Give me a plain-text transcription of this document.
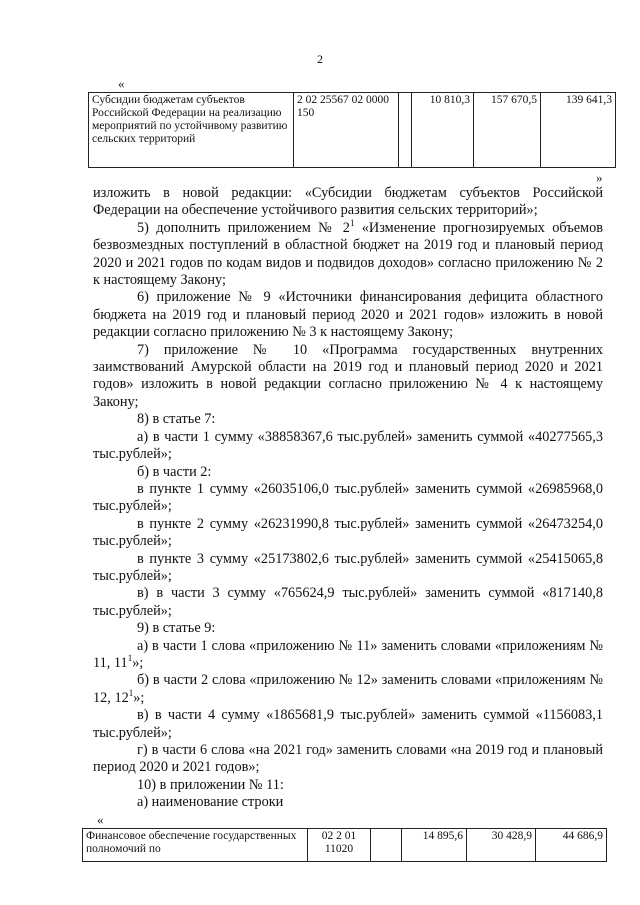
2
«
Субсидии бюджетам субъектов Российской Федерации на реализацию мероприятий по устойчивому развитию сельских территорий	2 02 25567 02 0000 150		10 810,3	157 670,5	139 641,3
»

изложить в новой редакции: «Субсидии бюджетам субъектов Российской Федерации на обеспечение устойчивого развития сельских территорий»;

5) дополнить приложением № $2^1$ «Изменение прогнозируемых объемов безвозмездных поступлений в областной бюджет на 2019 год и плановый период 2020 и 2021 годов по кодам видов и подвидов доходов» согласно приложению № 2 к настоящему Закону;

6) приложение № 9 «Источники финансирования дефицита областного бюджета на 2019 год и плановый период 2020 и 2021 годов» изложить в новой редакции согласно приложению № 3 к настоящему Закону;

7) приложение № 10 «Программа государственных внутренних заимствований Амурской области на 2019 год и плановый период 2020 и 2021 годов» изложить в новой редакции согласно приложению № 4 к настоящему Закону;

8) в статье 7:

а) в части 1 сумму «38858367,6 тыс.рублей» заменить суммой «40277565,3 тыс.рублей»;

б) в части 2:

в пункте 1 сумму «26035106,0 тыс.рублей» заменить суммой «26985968,0 тыс.рублей»;

в пункте 2 сумму «26231990,8 тыс.рублей» заменить суммой «26473254,0 тыс.рублей»;

в пункте 3 сумму «25173802,6 тыс.рублей» заменить суммой «25415065,8 тыс.рублей»;

в) в части 3 сумму «765624,9 тыс.рублей» заменить суммой «817140,8 тыс.рублей»;

9) в статье 9:

а) в части 1 слова «приложению № 11» заменить словами «приложениям № 11, $11^1$»;

б) в части 2 слова «приложению № 12» заменить словами «приложениям № 12, $12^1$»;

в) в части 4 сумму «1865681,9 тыс.рублей» заменить суммой «1156083,1 тыс.рублей»;

г) в части 6 слова «на 2021 год» заменить словами «на 2019 год и плановый период 2020 и 2021 годов»;

10) в приложении № 11:

а) наименование строки

«
Финансовое обеспечение государственных полномочий по	02 2 01 11020		14 895,6	30 428,9	44 686,9
